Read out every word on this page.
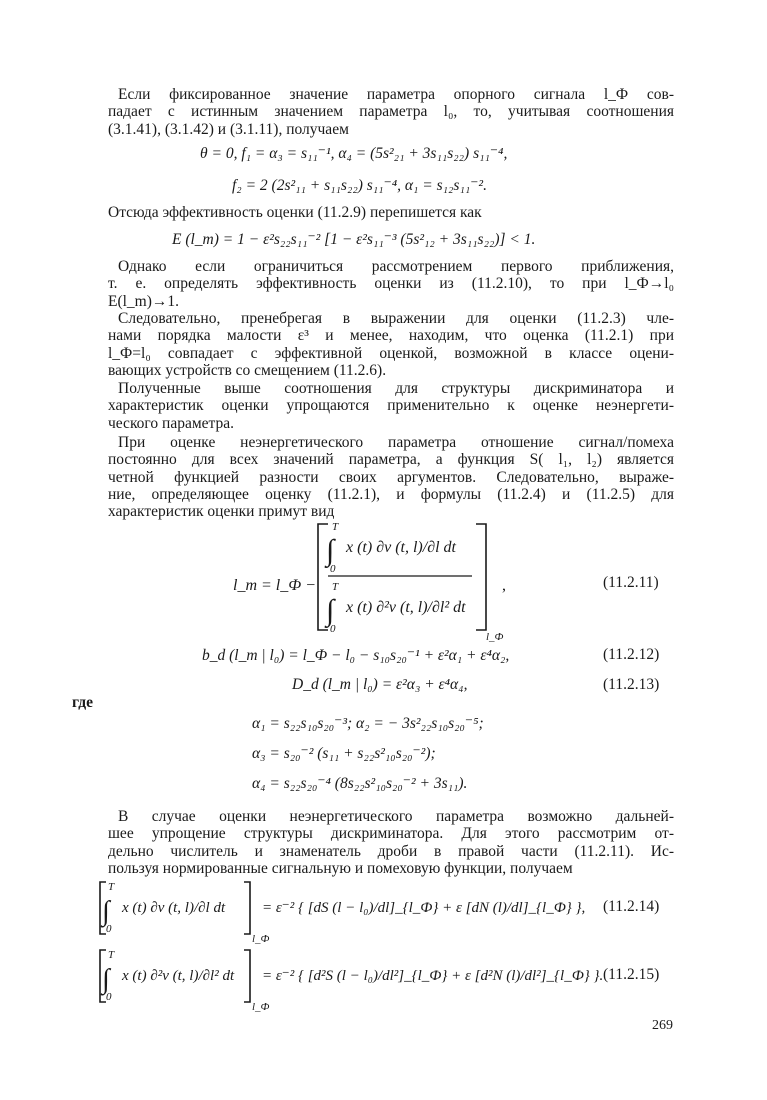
Если фиксированное значение параметра опорного сигнала l_Ф сов-
падает с истинным значением параметра l₀, то, учитывая соотношения
(3.1.41), (3.1.42) и (3.1.11), получаем
θ = 0, f₁ = α₃ = s₁₁⁻¹, α₄ = (5s²₂₁ + 3s₁₁s₂₂) s₁₁⁻⁴,
f₂ = 2 (2s²₁₁ + s₁₁s₂₂) s₁₁⁻⁴, α₁ = s₁₂s₁₁⁻².
Отсюда эффективность оценки (11.2.9) перепишется как
E (l_m) = 1 − ε²s₂₂s₁₁⁻² [1 − ε²s₁₁⁻³ (5s²₁₂ + 3s₁₁s₂₂)] < 1.
Однако если ограничиться рассмотрением первого приближения,
т. е. определять эффективность оценки из (11.2.10), то при l_Ф→l₀
E(l_m)→1.
Следовательно, пренебрегая в выражении для оценки (11.2.3) чле-
нами порядка малости ε³ и менее, находим, что оценка (11.2.1) при
l_Ф=l₀ совпадает с эффективной оценкой, возможной в классе оцени-
вающих устройств со смещением (11.2.6).
Полученные выше соотношения для структуры дискриминатора и
характеристик оценки упрощаются применительно к оценке неэнергети-
ческого параметра.
При оценке неэнергетического параметра отношение сигнал/помеха
постоянно для всех значений параметра, а функция S( l₁, l₂) является
четной функцией разности своих аргументов. Следовательно, выраже-
ние, определяющее оценку (11.2.1), и формулы (11.2.4) и (11.2.5) для
характеристик оценки примут вид
l_m = l_Ф −
T
∫
0
x (t) ∂v (t, l)/∂l dt
T
∫
0
x (t) ∂²v (t, l)/∂l² dt
l_Ф
,	(11.2.11)
b_d (l_m | l₀) = l_Ф − l₀ − s₁₀s₂₀⁻¹ + ε²α₁ + ε⁴α₂,	(11.2.12)
D_d (l_m | l₀) = ε²α₃ + ε⁴α₄,	(11.2.13)
где
α₁ = s₂₂s₁₀s₂₀⁻³; α₂ = − 3s²₂₂s₁₀s₂₀⁻⁵;
α₃ = s₂₀⁻² (s₁₁ + s₂₂s²₁₀s₂₀⁻²);
α₄ = s₂₂s₂₀⁻⁴ (8s₂₂s²₁₀s₂₀⁻² + 3s₁₁).
В случае оценки неэнергетического параметра возможно дальней-
шее упрощение структуры дискриминатора. Для этого рассмотрим от-
дельно числитель и знаменатель дроби в правой части (11.2.11). Ис-
пользуя нормированные сигнальную и помеховую функции, получаем
T
∫
0
x (t) ∂v (t, l)/∂l dt
l_Ф
= ε⁻² { [dS (l − l₀)/dl]_{l_Ф} + ε [dN (l)/dl]_{l_Ф} }, (11.2.14)
T
∫
0
x (t) ∂²v (t, l)/∂l² dt
l_Ф
= ε⁻² { [d²S (l − l₀)/dl²]_{l_Ф} + ε [d²N (l)/dl²]_{l_Ф} }. (11.2.15)
269
